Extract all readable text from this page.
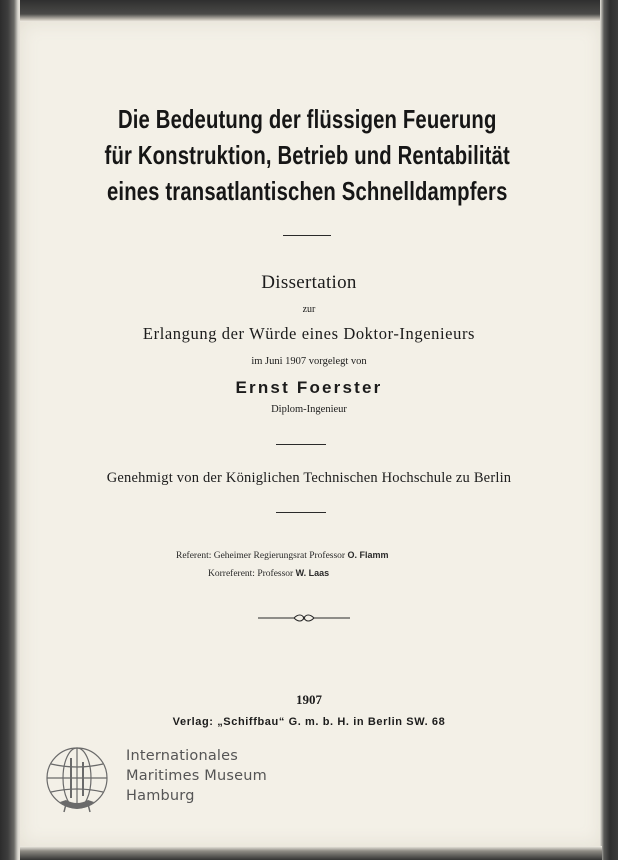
Die Bedeutung der flüssigen Feuerung
für Konstruktion, Betrieb und Rentabilität
eines transatlantischen Schnelldampfers
Dissertation
zur
Erlangung der Würde eines Doktor-Ingenieurs
im Juni 1907 vorgelegt von
Ernst Foerster
Diplom-Ingenieur
Genehmigt von der Königlichen Technischen Hochschule zu Berlin
Referent: Geheimer Regierungsrat Professor O. Flamm
Korreferent: Professor W. Laas
1907
Verlag: „Schiffbau“ G. m. b. H. in Berlin SW. 68
Internationales
Maritimes Museum
Hamburg
